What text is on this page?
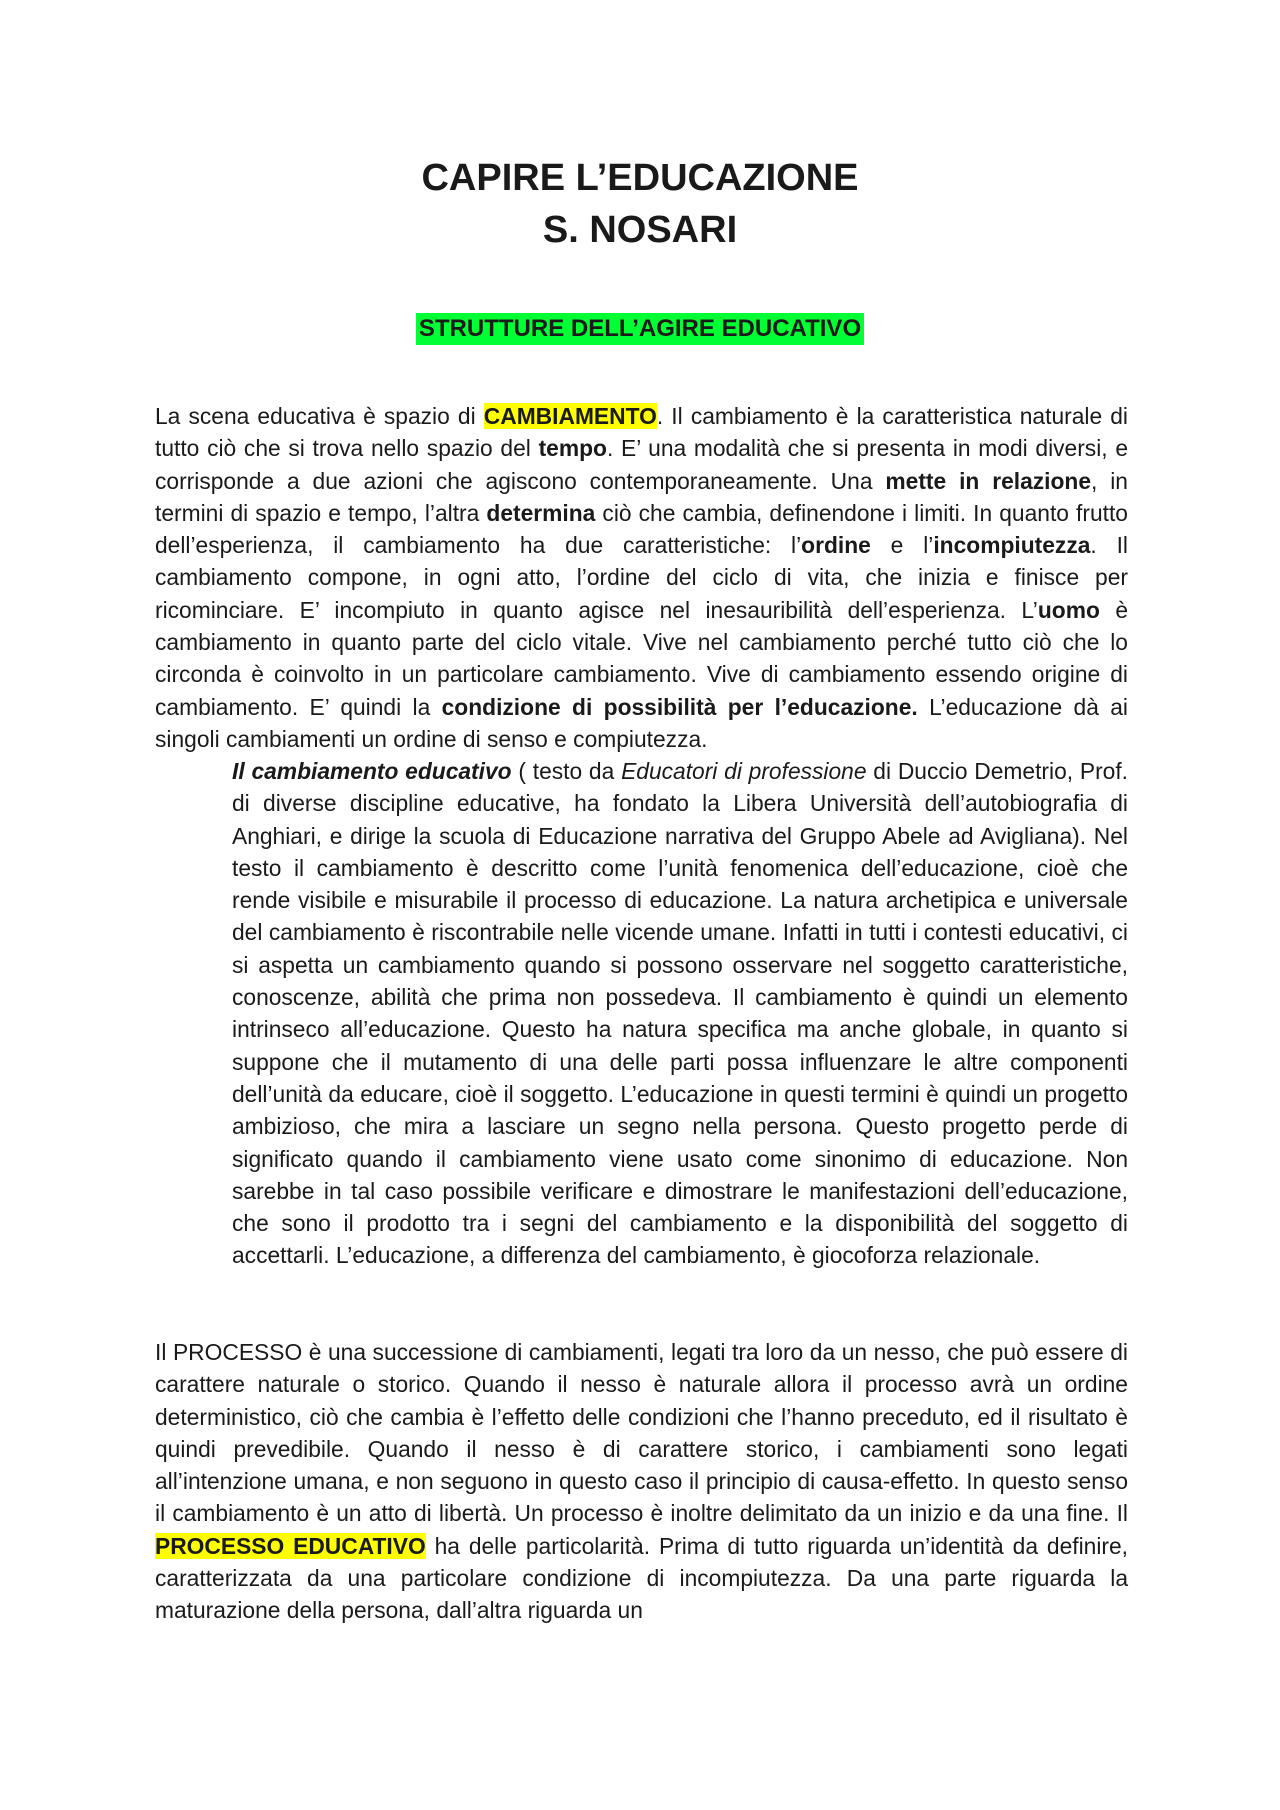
CAPIRE L’EDUCAZIONE

S. NOSARI

STRUTTURE DELL’AGIRE EDUCATIVO

La scena educativa è spazio di CAMBIAMENTO. Il cambiamento è la caratteristica naturale di tutto ciò che si trova nello spazio del tempo. E’ una modalità che si presenta in modi diversi, e corrisponde a due azioni che agiscono contemporaneamente. Una mette in relazione, in termini di spazio e tempo, l’altra determina ciò che cambia, definendone i limiti. In quanto frutto dell’esperienza, il cambiamento ha due caratteristiche: l’ordine e l’incompiutezza. Il cambiamento compone, in ogni atto, l’ordine del ciclo di vita, che inizia e finisce per ricominciare. E’ incompiuto in quanto agisce nel inesauribilità dell’esperienza. L’uomo è cambiamento in quanto parte del ciclo vitale. Vive nel cambiamento perché tutto ciò che lo circonda è coinvolto in un particolare cambiamento. Vive di cambiamento essendo origine di cambiamento. E’ quindi la condizione di possibilità per l’educazione. L’educazione dà ai singoli cambiamenti un ordine di senso e compiutezza.

Il cambiamento educativo ( testo da Educatori di professione di Duccio Demetrio, Prof. di diverse discipline educative, ha fondato la Libera Università dell’autobiografia di Anghiari, e dirige la scuola di Educazione narrativa del Gruppo Abele ad Avigliana). Nel testo il cambiamento è descritto come l’unità fenomenica dell’educazione, cioè che rende visibile e misurabile il processo di educazione. La natura archetipica e universale del cambiamento è riscontrabile nelle vicende umane. Infatti in tutti i contesti educativi, ci si aspetta un cambiamento quando si possono osservare nel soggetto caratteristiche, conoscenze, abilità che prima non possedeva. Il cambiamento è quindi un elemento intrinseco all’educazione. Questo ha natura specifica ma anche globale, in quanto si suppone che il mutamento di una delle parti possa influenzare le altre componenti dell’unità da educare, cioè il soggetto. L’educazione in questi termini è quindi un progetto ambizioso, che mira a lasciare un segno nella persona. Questo progetto perde di significato quando il cambiamento viene usato come sinonimo di educazione. Non sarebbe in tal caso possibile verificare e dimostrare le manifestazioni dell’educazione, che sono il prodotto tra i segni del cambiamento e la disponibilità del soggetto di accettarli. L’educazione, a differenza del cambiamento, è giocoforza relazionale.

Il PROCESSO è una successione di cambiamenti, legati tra loro da un nesso, che può essere di carattere naturale o storico. Quando il nesso è naturale allora il processo avrà un ordine deterministico, ciò che cambia è l’effetto delle condizioni che l’hanno preceduto, ed il risultato è quindi prevedibile. Quando il nesso è di carattere storico, i cambiamenti sono legati all’intenzione umana, e non seguono in questo caso il principio di causa-effetto. In questo senso il cambiamento è un atto di libertà. Un processo è inoltre delimitato da un inizio e da una fine. Il PROCESSO EDUCATIVO ha delle particolarità. Prima di tutto riguarda un’identità da definire, caratterizzata da una particolare condizione di incompiutezza. Da una parte riguarda la maturazione della persona, dall’altra riguarda un
